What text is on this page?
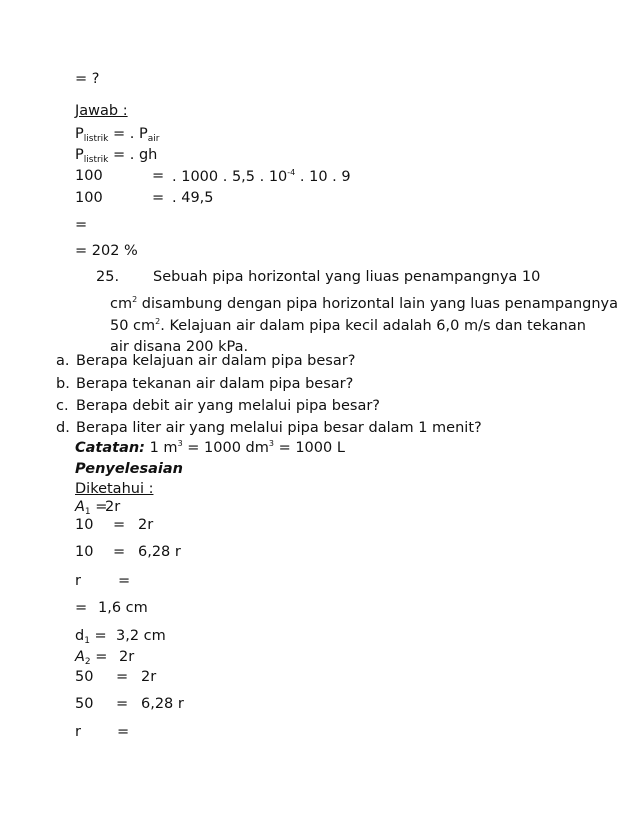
= ?
Jawab :
$P_{listrik}$ = . $P_{air}$
$P_{listrik}$ = . gh
100	= . 1000 . 5,5 . $10^{-4}$ . 10 . 9
100	= . 49,5
=
= 202 %
25. Sebuah pipa horizontal yang liuas penampangnya 10
$cm^2$ disambung dengan pipa horizontal lain yang luas penampangnya
50 $cm^2$. Kelajuan air dalam pipa kecil adalah 6,0 m/s dan tekanan
air disana 200 kPa.
a. Berapa kelajuan air dalam pipa besar?
b. Berapa tekanan air dalam pipa besar?
c. Berapa debit air yang melalui pipa besar?
d. Berapa liter air yang melalui pipa besar dalam 1 menit?
Catatan: 1 $m^3 = 1000$ $dm^3 = 1000$ L
Penyelesaian
Diketahui :
$A_1$ =
2r
10 = 2r
10 = 6,28 r
r	=
= 1,6 cm
$d_1 = 3,2$ cm
$A_2 = 2r$
50 = 2r
50 = 6,28 r
r =
